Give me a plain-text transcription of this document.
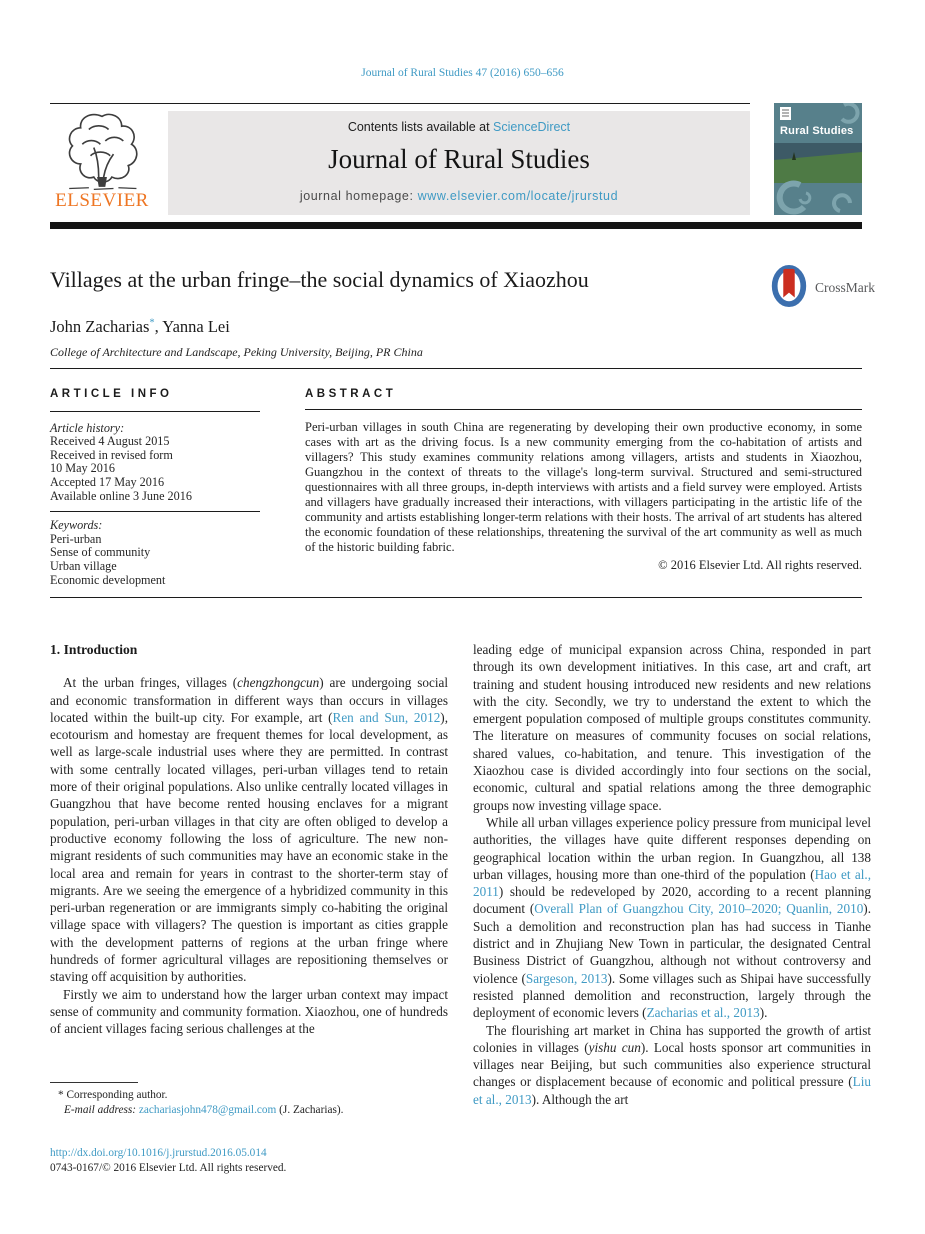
Journal of Rural Studies 47 (2016) 650–656
ELSEVIER
Contents lists available at ScienceDirect
Journal of Rural Studies
journal homepage: www.elsevier.com/locate/jrurstud
Rural Studies
Villages at the urban fringe–the social dynamics of Xiaozhou	CrossMark
John Zacharias*, Yanna Lei
College of Architecture and Landscape, Peking University, Beijing, PR China
ARTICLE INFO
Article history:
Received 4 August 2015
Received in revised form
10 May 2016
Accepted 17 May 2016
Available online 3 June 2016
Keywords:
Peri-urban
Sense of community
Urban village
Economic development
ABSTRACT
Peri-urban villages in south China are regenerating by developing their own productive economy, in some cases with art as the driving focus. Is a new community emerging from the co-habitation of artists and villagers? This study examines community relations among villagers, artists and students in Xiaozhou, Guangzhou in the context of threats to the village's long-term survival. Structured and semi-structured questionnaires with all three groups, in-depth interviews with artists and a field survey were employed. Artists and villagers have gradually increased their interactions, with villagers participating in the artistic life of the community and artists establishing longer-term relations with their hosts. The arrival of art students has altered the economic foundation of these relationships, threatening the survival of the art community as well as much of the historic building fabric.
© 2016 Elsevier Ltd. All rights reserved.
1. Introduction

At the urban fringes, villages (chengzhongcun) are undergoing social and economic transformation in different ways than occurs in villages located within the built-up city. For example, art (Ren and Sun, 2012), ecotourism and homestay are frequent themes for local development, as well as large-scale industrial uses where they are permitted. In contrast with some centrally located villages, peri-urban villages tend to retain more of their original populations. Also unlike centrally located villages in Guangzhou that have become rented housing enclaves for a migrant population, peri-urban villages in that city are often obliged to develop a productive economy following the loss of agriculture. The new non-migrant residents of such communities may have an economic stake in the local area and remain for years in contrast to the shorter-term stay of migrants. Are we seeing the emergence of a hybridized community in this peri-urban regeneration or are immigrants simply co-habiting the original village space with villagers? The question is important as cities grapple with the development patterns of regions at the urban fringe where hundreds of former agricultural villages are repositioning themselves or staving off acquisition by authorities.

Firstly we aim to understand how the larger urban context may impact sense of community and community formation. Xiaozhou, one of hundreds of ancient villages facing serious challenges at the

leading edge of municipal expansion across China, responded in part through its own development initiatives. In this case, art and craft, art training and student housing introduced new residents and new relations with the city. Secondly, we try to understand the extent to which the emergent population composed of multiple groups constitutes community. The literature on measures of community focuses on social relations, shared values, co-habitation, and tenure. This investigation of the Xiaozhou case is divided accordingly into four sections on the social, economic, cultural and spatial relations among the three demographic groups now investing village space.

While all urban villages experience policy pressure from municipal level authorities, the villages have quite different responses depending on geographical location within the urban region. In Guangzhou, all 138 urban villages, housing more than one-third of the population (Hao et al., 2011) should be redeveloped by 2020, according to a recent planning document (Overall Plan of Guangzhou City, 2010–2020; Quanlin, 2010). Such a demolition and reconstruction plan has had success in Tianhe district and in Zhujiang New Town in particular, the designated Central Business District of Guangzhou, although not without controversy and violence (Sargeson, 2013). Some villages such as Shipai have successfully resisted planned demolition and reconstruction, largely through the deployment of economic levers (Zacharias et al., 2013).

The flourishing art market in China has supported the growth of artist colonies in villages (yishu cun). Local hosts sponsor art communities in villages near Beijing, but such communities also experience structural changes or displacement because of economic and political pressure (Liu et al., 2013). Although the art

* Corresponding author.
E-mail address: zachariasjohn478@gmail.com (J. Zacharias).
http://dx.doi.org/10.1016/j.jrurstud.2016.05.014
0743-0167/© 2016 Elsevier Ltd. All rights reserved.
